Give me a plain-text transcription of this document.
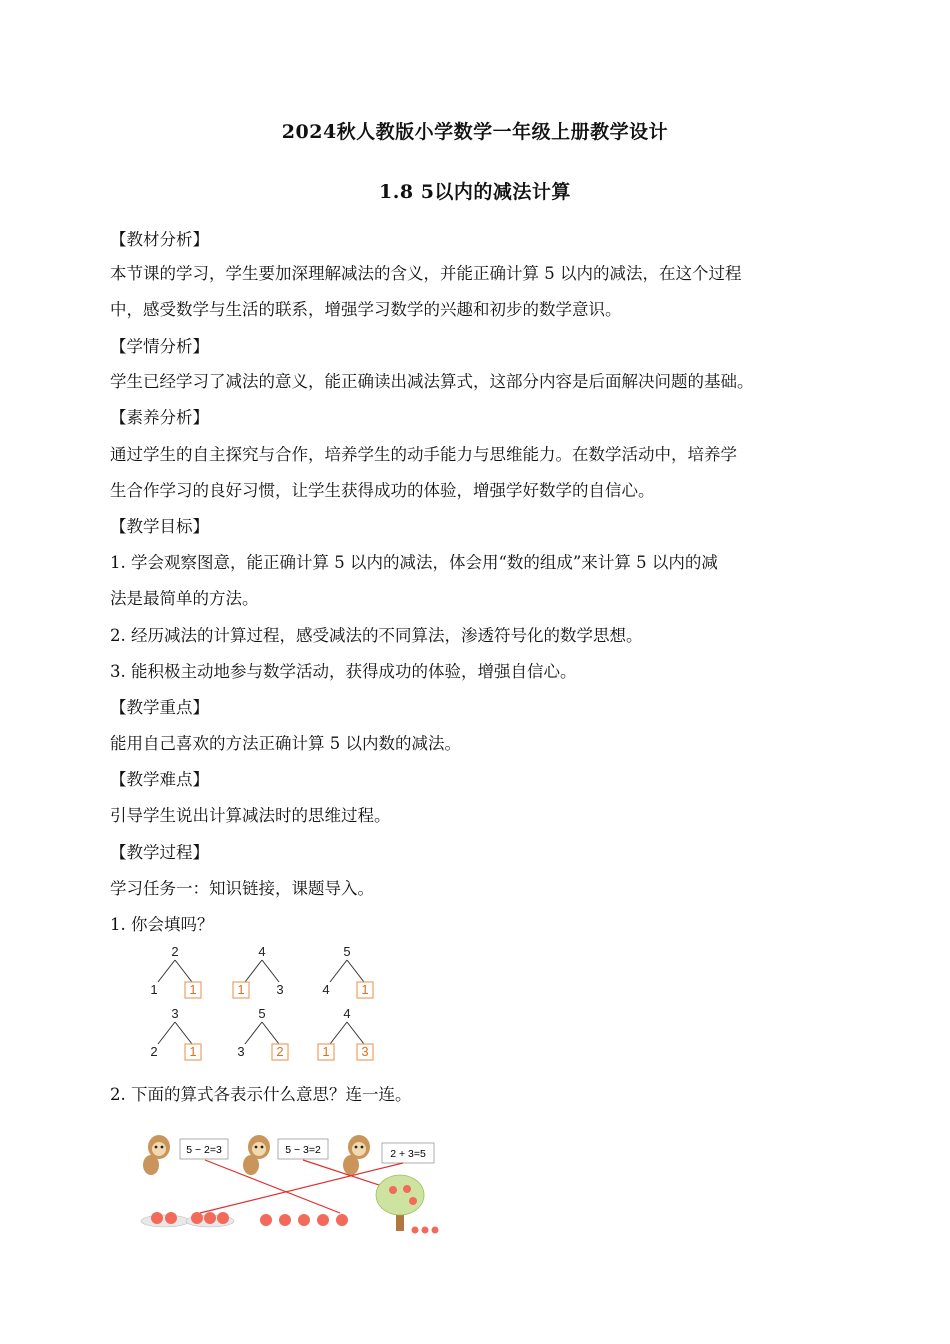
2024秋人教版小学数学一年级上册教学设计
1.8 5以内的减法计算
【教材分析】
本节课的学习，学生要加深理解减法的含义，并能正确计算 5 以内的减法，在这个过程
中，感受数学与生活的联系，增强学习数学的兴趣和初步的数学意识。
【学情分析】
学生已经学习了减法的意义，能正确读出减法算式，这部分内容是后面解决问题的基础。
【素养分析】
通过学生的自主探究与合作，培养学生的动手能力与思维能力。在数学活动中，培养学
生合作学习的良好习惯，让学生获得成功的体验，增强学好数学的自信心。
【教学目标】
1. 学会观察图意，能正确计算 5 以内的减法，体会用“数的组成”来计算 5 以内的减
法是最简单的方法。
2. 经历减法的计算过程，感受减法的不同算法，渗透符号化的数学思想。
3. 能积极主动地参与数学活动，获得成功的体验，增强自信心。
【教学重点】
能用自己喜欢的方法正确计算 5 以内数的减法。
【教学难点】
引导学生说出计算减法时的思维过程。
【教学过程】
学习任务一：知识链接，课题导入。
1. 你会填吗？
2
1 1
4
1 3
5
4 1
3
2 1
5
3 2
4
1 3
2. 下面的算式各表示什么意思？连一连。
5 − 2=3	5 − 3=2	2 + 3=5
